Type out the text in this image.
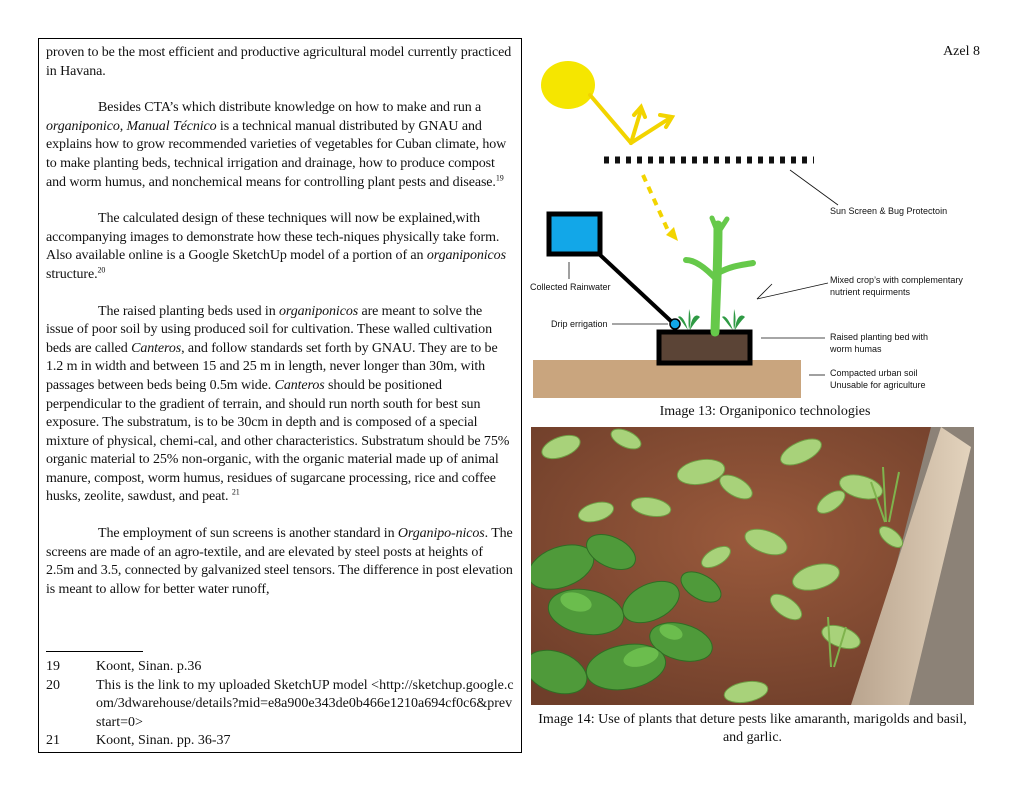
Azel 8

proven to be the most efficient and productive agricultural model currently practiced in Havana.

Besides CTA’s which distribute knowledge on how to make and run a organiponico, Manual Técnico is a technical manual distributed by GNAU and explains how to grow recommended varieties of vegetables for Cuban climate, how to make planting beds, technical irrigation and drainage, how to produce compost and worm humus, and nonchemical means for controlling plant pests and disease.$^{19}$

The calculated design of these techniques will now be explained,with accompanying images to demonstrate how these tech-niques physically take form. Also available online is a Google SketchUp model of a portion of an organiponicos structure.$^{20}$

The raised planting beds used in organiponicos are meant to solve the issue of poor soil by using produced soil for cultivation. These walled cultivation beds are called Canteros, and follow standards set forth by GNAU. They are to be 1.2 m in width and between 15 and 25 m in length, never longer than 30m, with passages between beds being 0.5m wide. Canteros should be positioned perpendicular to the gradient of terrain, and should run north south for best sun exposure. The substratum, is to be 30cm in depth and is composed of a special mixture of physical, chemi-cal, and other characteristics. Substratum should be 75% organic material to 25% non-organic, with the organic material made up of animal manure, compost, worm humus, residues of sugarcane processing, rice and coffee husks, zeolite, sawdust, and peat. $^{21}$

The employment of sun screens is another standard in Organipo-nicos. The screens are made of an agro-textile, and are elevated by steel posts at heights of 2.5m and 3.5, connected by galvanized steel tensors. The difference in post elevation is meant to allow for better water runoff,

19	Koont, Sinan. p.36
20	This is the link to my uploaded SketchUP model <http://sketchup.google.com/3dwarehouse/details?mid=e8a900e343de0b466e1210a694cf0c6&prevstart=0>
21	Koont, Sinan. pp. 36-37
Sun Screen & Bug Protectoin
Mixed crop’s with complementary
nutrient requirments
Collected Rainwater
Drip errigation
Raised planting bed with
worm humas
Compacted urban soil
Unusable for agriculture
Image 13: Organiponico technologies
Image 14: Use of plants that deture pests like amaranth, marigolds and basil, and garlic.
